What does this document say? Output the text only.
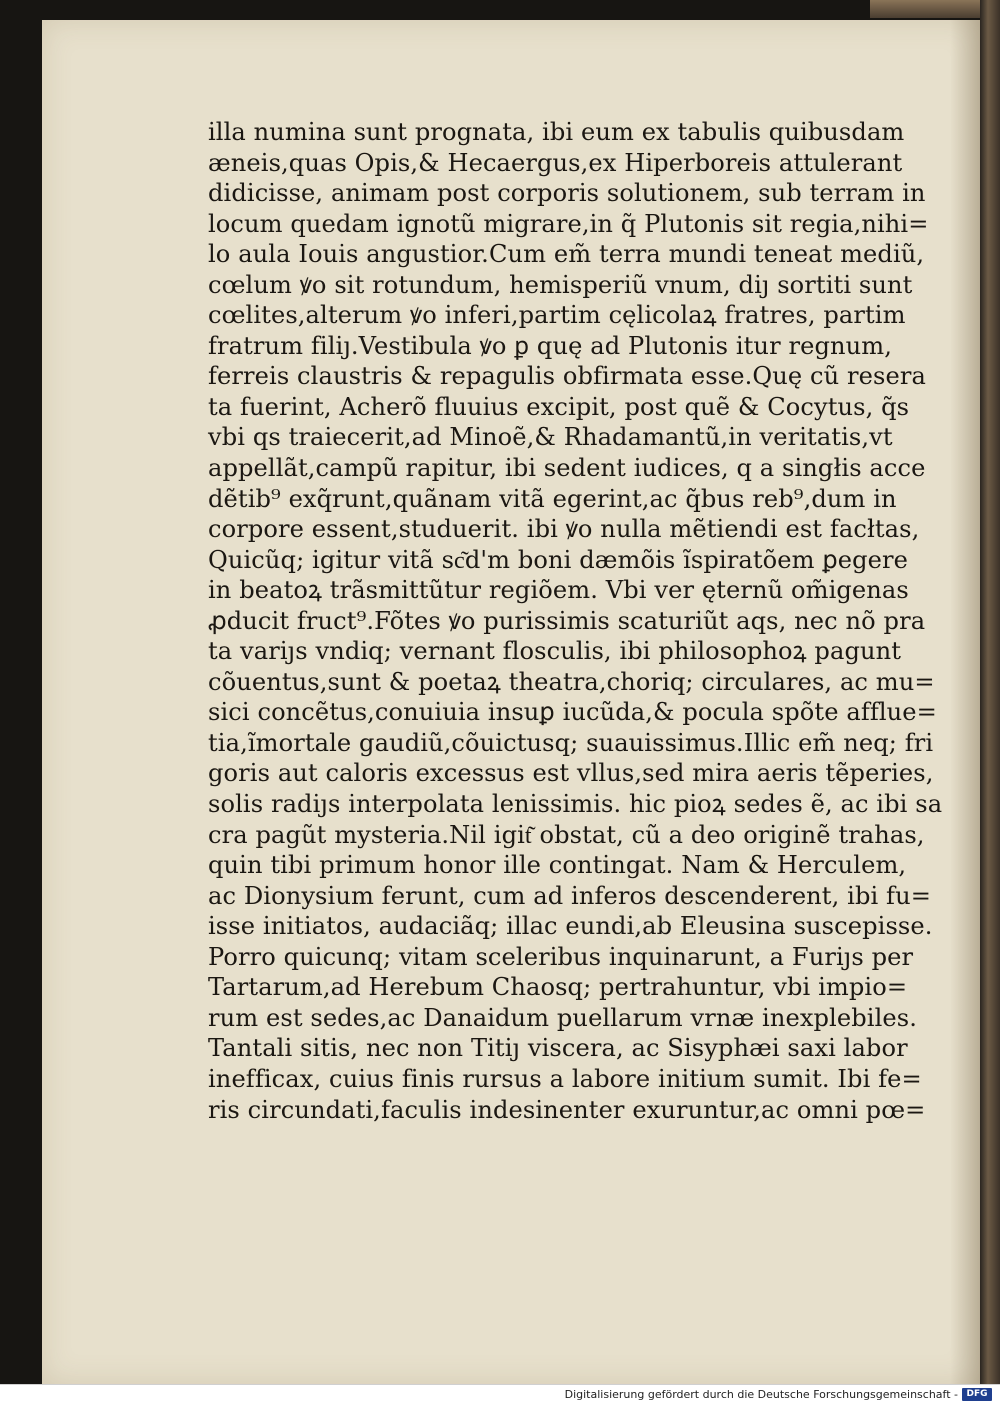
illa numina sunt prognata, ibi eum ex tabulis quibusdam
æneis,quas Opis,& Hecaergus,ex Hiperboreis attulerant
didicisse, animam post corporis solutionem, sub terram in
locum quedam ignotũ migrare,in q̃ Plutonis sit regia,nihi=
lo aula Iouis angustior.Cum em̃ terra mundi teneat mediũ,
cœlum ꝟo sit rotundum, hemisperiũ vnum, diȷ sortiti sunt
cœlites,alterum ꝟo inferi,partim cęlicolaꝝ fratres, partim
fratrum filiȷ.Vestibula ꝟo ꝑ quę ad Plutonis itur regnum,
ferreis claustris & repagulis obfirmata esse.Quę cũ resera
ta fuerint, Acherõ fluuius excipit, post quẽ & Cocytus, q̃s
vbi qs traiecerit,ad Minoẽ,& Rhadamantũ,in veritatis,vt
appellãt,campũ rapitur, ibi sedent iudices, q a singłis acce
dẽtib⁹ exq̃runt,quãnam vitã egerint,ac q̃bus reb⁹,dum in
corpore essent,studuerit. ibi ꝟo nulla mẽtiendi est facłtas,
Quicũq; igitur vitã sc͂d'm boni dæmõis ĩspiratõem ꝑegere
in beatoꝝ trãsmittũtur regiõem. Vbi ver ęternũ om̃igenas
ꝓducit fruct⁹.Fõtes ꝟo purissimis scaturiũt aqs, nec nõ pra
ta variȷs vndiq; vernant flosculis, ibi philosophoꝝ pagunt
cõuentus,sunt & poetaꝝ theatra,choriq; circulares, ac mu=
sici concẽtus,conuiuia insuꝑ iucũda,& pocula spõte afflue=
tia,ĩmortale gaudiũ,cõuictusq; suauissimus.Illic em̃ neq; fri
goris aut caloris excessus est vllus,sed mira aeris tẽperies,
solis radiȷs interpolata lenissimis. hic pioꝝ sedes ẽ, ac ibi sa
cra pagũt mysteria.Nil igit͂ obstat, cũ a deo originẽ trahas,
quin tibi primum honor ille contingat. Nam & Herculem,
ac Dionysium ferunt, cum ad inferos descenderent, ibi fu=
isse initiatos, audaciãq; illac eundi,ab Eleusina suscepisse.
Porro quicunq; vitam sceleribus inquinarunt, a Furiȷs per
Tartarum,ad Herebum Chaosq; pertrahuntur, vbi impio=
rum est sedes,ac Danaidum puellarum vrnæ inexplebiles.
Tantali sitis, nec non Titiȷ viscera, ac Sisyphæi saxi labor
inefficax, cuius finis rursus a labore initium sumit. Ibi fe=
ris circundati,faculis indesinenter exuruntur,ac omni pœ=
Digitalisierung gefördert durch die Deutsche Forschungsgemeinschaft - DFG
